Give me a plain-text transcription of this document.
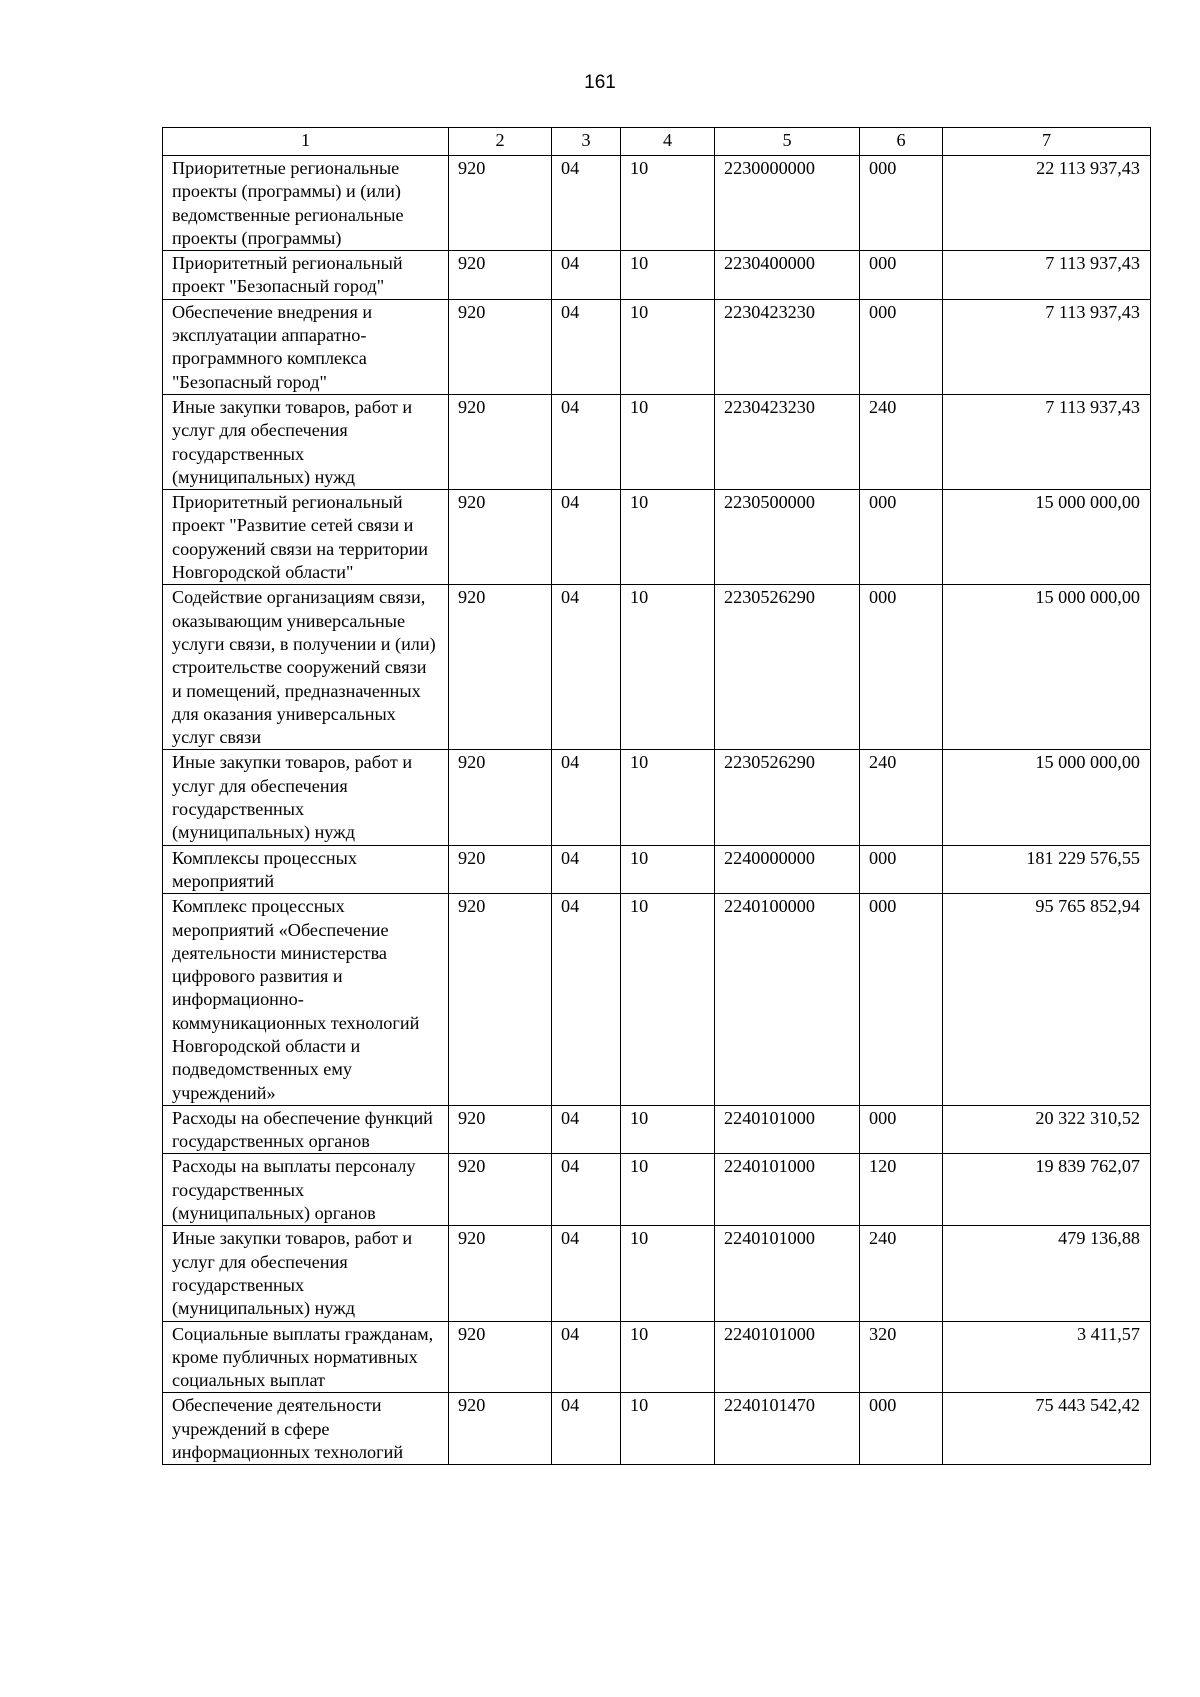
161
1	2	3	4	5	6	7
Приоритетные региональные проекты (программы) и (или) ведомственные региональные проекты (программы)	920	04	10	2230000000	000	22 113 937,43
Приоритетный региональный проект "Безопасный город"	920	04	10	2230400000	000	7 113 937,43
Обеспечение внедрения и эксплуатации аппаратно-программного комплекса "Безопасный город"	920	04	10	2230423230	000	7 113 937,43
Иные закупки товаров, работ и услуг для обеспечения государственных (муниципальных) нужд	920	04	10	2230423230	240	7 113 937,43
Приоритетный региональный проект "Развитие сетей связи и сооружений связи на территории Новгородской области"	920	04	10	2230500000	000	15 000 000,00
Содействие организациям связи, оказывающим универсальные услуги связи, в получении и (или) строительстве сооружений связи и помещений, предназначенных для оказания универсальных услуг связи	920	04	10	2230526290	000	15 000 000,00
Иные закупки товаров, работ и услуг для обеспечения государственных (муниципальных) нужд	920	04	10	2230526290	240	15 000 000,00
Комплексы процессных мероприятий	920	04	10	2240000000	000	181 229 576,55
Комплекс процессных мероприятий «Обеспечение деятельности министерства цифрового развития и информационно-коммуникационных технологий Новгородской области и подведомственных ему учреждений»	920	04	10	2240100000	000	95 765 852,94
Расходы на обеспечение функций государственных органов	920	04	10	2240101000	000	20 322 310,52
Расходы на выплаты персоналу государственных (муниципальных) органов	920	04	10	2240101000	120	19 839 762,07
Иные закупки товаров, работ и услуг для обеспечения государственных (муниципальных) нужд	920	04	10	2240101000	240	479 136,88
Социальные выплаты гражданам, кроме публичных нормативных социальных выплат	920	04	10	2240101000	320	3 411,57
Обеспечение деятельности учреждений в сфере информационных технологий	920	04	10	2240101470	000	75 443 542,42
